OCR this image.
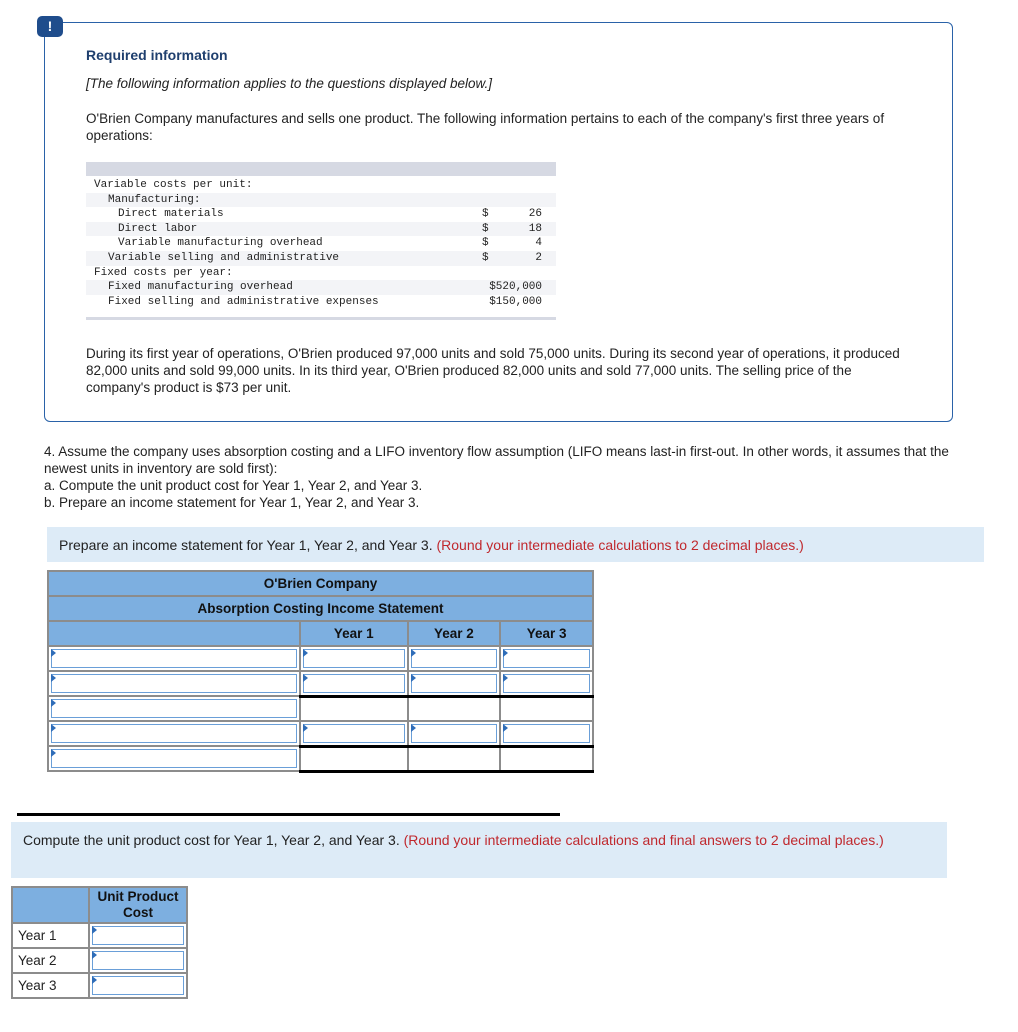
!
Required information
[The following information applies to the questions displayed below.]
O'Brien Company manufactures and sells one product. The following information pertains to each of the company's first three years of operations:
Variable costs per unit:
Manufacturing:
Direct materials	$	26
Direct labor	$	18
Variable manufacturing overhead	$	4
Variable selling and administrative	$	2
Fixed costs per year:
Fixed manufacturing overhead	$520,000
Fixed selling and administrative expenses	$150,000
During its first year of operations, O'Brien produced 97,000 units and sold 75,000 units. During its second year of operations, it produced 82,000 units and sold 99,000 units. In its third year, O'Brien produced 82,000 units and sold 77,000 units. The selling price of the company's product is $73 per unit.
4. Assume the company uses absorption costing and a LIFO inventory flow assumption (LIFO means last-in first-out. In other words, it assumes that the newest units in inventory are sold first):
a. Compute the unit product cost for Year 1, Year 2, and Year 3.
b. Prepare an income statement for Year 1, Year 2, and Year 3.
Prepare an income statement for Year 1, Year 2, and Year 3. (Round your intermediate calculations to 2 decimal places.)
O'Brien Company			
Absorption Costing Income Statement			
	Year 1	Year 2	Year 3

Compute the unit product cost for Year 1, Year 2, and Year 3. (Round your intermediate calculations and final answers to 2 decimal places.)
	Unit Product Cost
Year 1	

Year 2	

Year 3	
